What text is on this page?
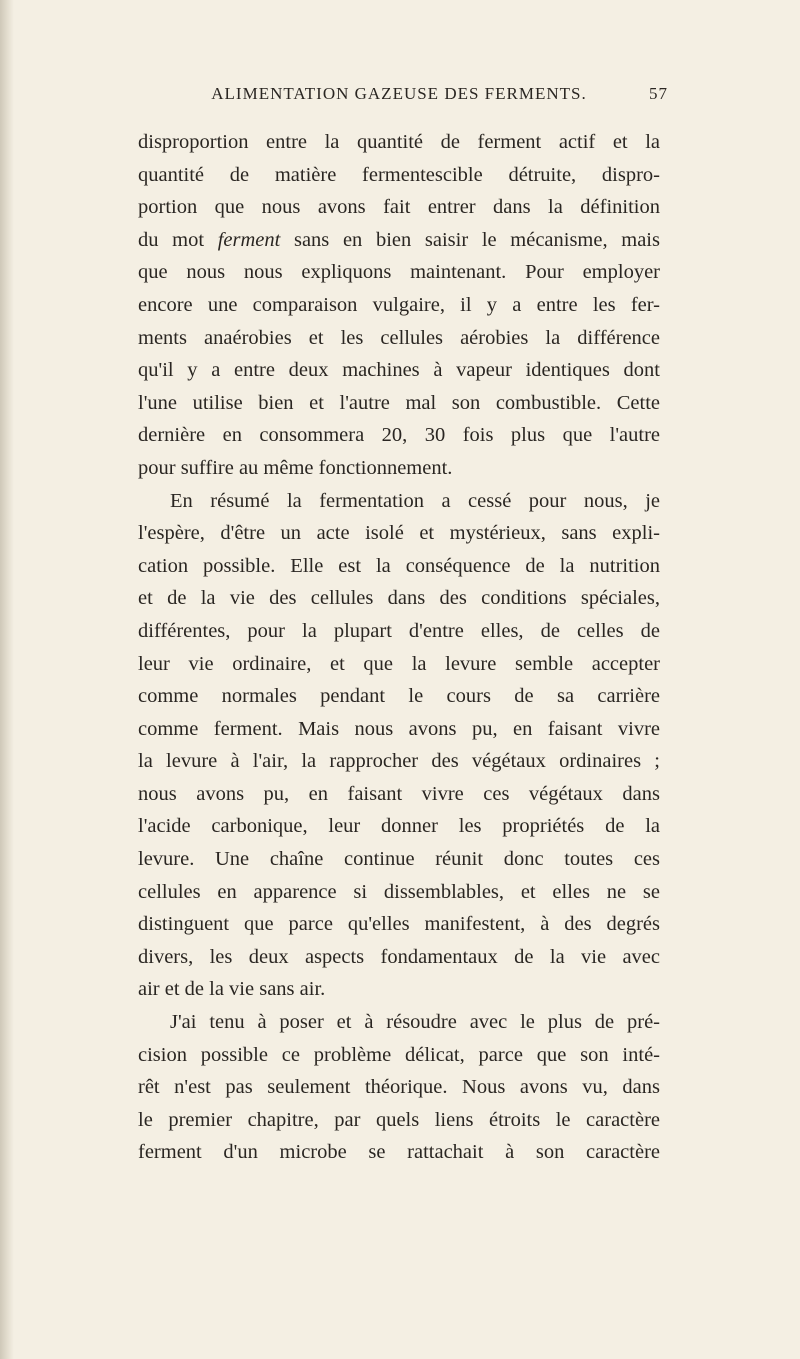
ALIMENTATION GAZEUSE DES FERMENTS.	57
disproportion entre la quantité de ferment actif et la
quantité de matière fermentescible détruite, dispro-
portion que nous avons fait entrer dans la définition
du mot ferment sans en bien saisir le mécanisme, mais
que nous nous expliquons maintenant. Pour employer
encore une comparaison vulgaire, il y a entre les fer-
ments anaérobies et les cellules aérobies la différence
qu'il y a entre deux machines à vapeur identiques dont
l'une utilise bien et l'autre mal son combustible. Cette
dernière en consommera 20, 30 fois plus que l'autre
pour suffire au même fonctionnement.
En résumé la fermentation a cessé pour nous, je
l'espère, d'être un acte isolé et mystérieux, sans expli-
cation possible. Elle est la conséquence de la nutrition
et de la vie des cellules dans des conditions spéciales,
différentes, pour la plupart d'entre elles, de celles de
leur vie ordinaire, et que la levure semble accepter
comme normales pendant le cours de sa carrière
comme ferment. Mais nous avons pu, en faisant vivre
la levure à l'air, la rapprocher des végétaux ordinaires ;
nous avons pu, en faisant vivre ces végétaux dans
l'acide carbonique, leur donner les propriétés de la
levure. Une chaîne continue réunit donc toutes ces
cellules en apparence si dissemblables, et elles ne se
distinguent que parce qu'elles manifestent, à des degrés
divers, les deux aspects fondamentaux de la vie avec
air et de la vie sans air.
J'ai tenu à poser et à résoudre avec le plus de pré-
cision possible ce problème délicat, parce que son inté-
rêt n'est pas seulement théorique. Nous avons vu, dans
le premier chapitre, par quels liens étroits le caractère
ferment d'un microbe se rattachait à son caractère
